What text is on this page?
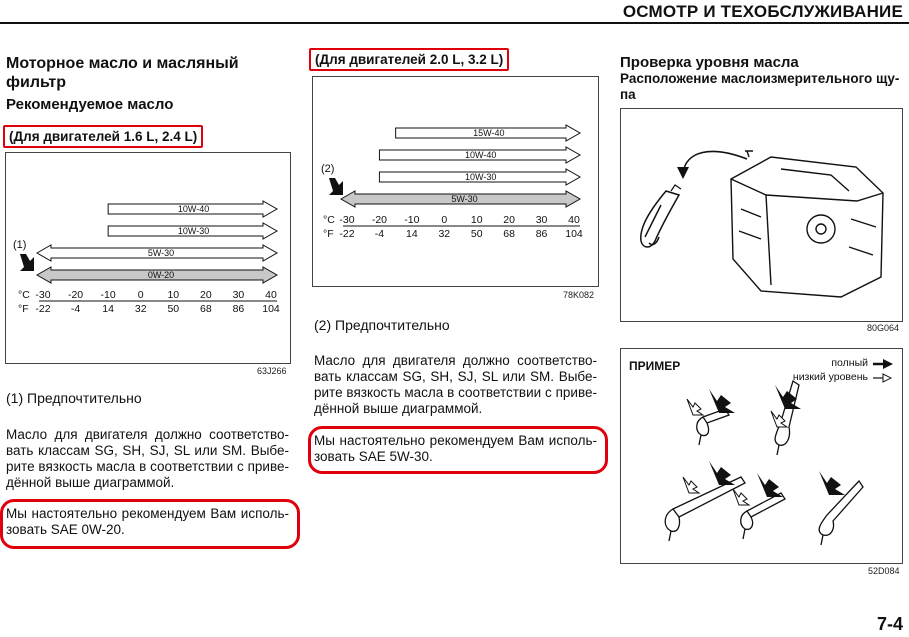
ОСМОТР И ТЕХОБСЛУЖИВАНИЕ
Моторное масло и масляный
фильтр
Рекомендуемое масло
(Для двигателей 1.6 L, 2.4 L)
10W-40
10W-30
5W-30
0W-20
(1)
°C
°F
-30 -20 -10 0 10 20 30 40
-22 -4 14 32 50 68 86 104
63J266
(1) Предпочтительно
Масло для двигателя должно соответство-вать классам SG, SH, SJ, SL или SM. Выбе-рите вязкость масла в соответствии с приве-дённой выше диаграммой.
Мы настоятельно рекомендуем Вам исполь-зовать SAE 0W-20.
(Для двигателей 2.0 L, 3.2 L)
15W-40
10W-40
10W-30
5W-30
(2)
°C
°F
-30 -20 -10 0 10 20 30 40
-22 -4 14 32 50 68 86 104
78K082
(2) Предпочтительно
Масло для двигателя должно соответство-вать классам SG, SH, SJ, SL или SM. Выбе-рите вязкость масла в соответствии с приве-дённой выше диаграммой.
Мы настоятельно рекомендуем Вам исполь-зовать SAE 5W-30.
Проверка уровня масла
Расположение маслоизмерительного щу-па
80G064
ПРИМЕР	полный
низкий уровень
52D084
7-4
